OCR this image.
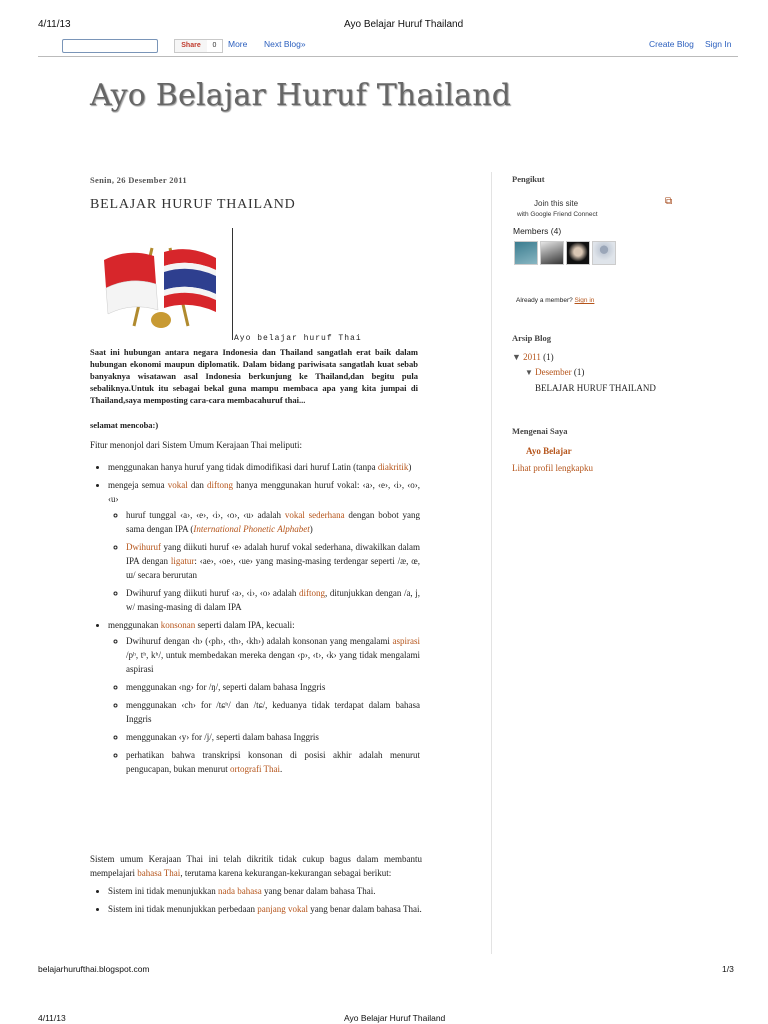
4/11/13	Ayo Belajar Huruf Thailand
Share	0	More Next Blog»	Create Blog Sign In
Ayo Belajar Huruf Thailand
Senin, 26 Desember 2011
BELAJAR HURUF THAILAND
Ayo belajar huruf Thai
Saat ini hubungan antara negara Indonesia dan Thailand sangatlah erat baik dalam hubungan ekonomi maupun diplomatik. Dalam bidang pariwisata sangatlah kuat sebab banyaknya wisatawan asal Indonesia berkunjung ke Thailand,dan begitu pula sebaliknya.Untuk itu sebagai bekal guna mampu membaca apa yang kita jumpai di Thailand,saya memposting cara-cara membacahuruf thai...
selamat mencoba:)
Fitur menonjol dari Sistem Umum Kerajaan Thai meliputi:
• menggunakan hanya huruf yang tidak dimodifikasi dari huruf Latin (tanpa diakritik)
• mengeja semua vokal dan diftong hanya menggunakan huruf vokal: ‹a›, ‹e›, ‹i›, ‹o›, ‹u›
◦ huruf tunggal ‹a›, ‹e›, ‹i›, ‹o›, ‹u› adalah vokal sederhana dengan bobot yang sama dengan IPA (International Phonetic Alphabet)
◦ Dwihuruf yang diikuti huruf ‹e› adalah huruf vokal sederhana, diwakilkan dalam IPA dengan ligatur: ‹ae›, ‹oe›, ‹ue› yang masing-masing terdengar seperti /æ, œ, ɯ/ secara berurutan
◦ Dwihuruf yang diikuti huruf ‹a›, ‹i›, ‹o› adalah diftong, ditunjukkan dengan /a, j, w/ masing-masing di dalam IPA
• menggunakan konsonan seperti dalam IPA, kecuali:
◦ Dwihuruf dengan ‹h› (‹ph›, ‹th›, ‹kh›) adalah konsonan yang mengalami aspirasi /pʰ, tʰ, kʰ/, untuk membedakan mereka dengan ‹p›, ‹t›, ‹k› yang tidak mengalami aspirasi
◦ menggunakan ‹ng› for /ŋ/, seperti dalam bahasa Inggris
◦ menggunakan ‹ch› for /tɕʰ/ dan /tɕ/, keduanya tidak terdapat dalam bahasa Inggris
◦ menggunakan ‹y› for /j/, seperti dalam bahasa Inggris
◦ perhatikan bahwa transkripsi konsonan di posisi akhir adalah menurut pengucapan, bukan menurut ortografi Thai.
Sistem umum Kerajaan Thai ini telah dikritik tidak cukup bagus dalam membantu mempelajari bahasa Thai, terutama karena kekurangan-kekurangan sebagai berikut:
• Sistem ini tidak menunjukkan nada bahasa yang benar dalam bahasa Thai.
• Sistem ini tidak menunjukkan perbedaan panjang vokal yang benar dalam bahasa Thai.
Pengikut
Join this site
with Google Friend Connect
⧉
Members (4)
Already a member? Sign in
Arsip Blog
▼ 2011 (1)
▼ Desember (1)
BELAJAR HURUF THAILAND
Mengenai Saya
Ayo Belajar
Lihat profil lengkapku
belajarhurufthai.blogspot.com	1/3
4/11/13	Ayo Belajar Huruf Thailand
